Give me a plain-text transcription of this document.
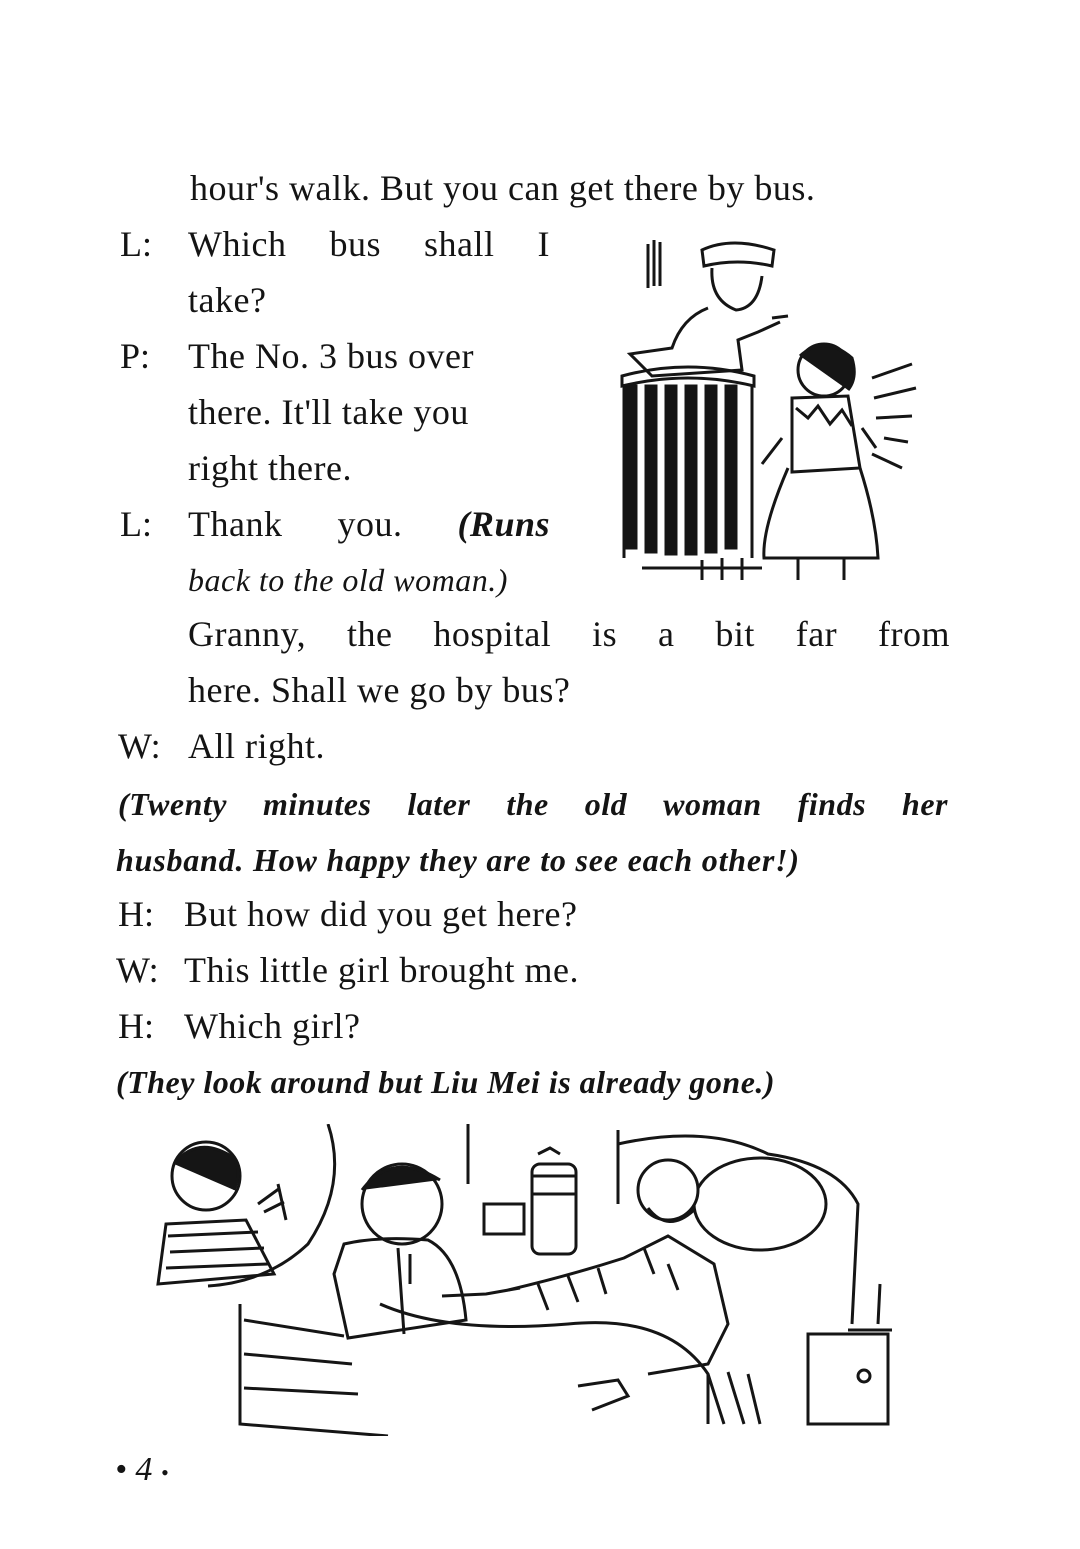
hour's walk. But you can get there by bus.
L: Which bus shall I
take?
P: The No. 3 bus over
there. It'll take you
right there.
L: Thank you. (Runs
back to the old woman.)
Granny, the hospital is a bit far from
here. Shall we go by bus?
W: All right.
(Twenty minutes later the old woman finds her
husband. How happy they are to see each other!)
H: But how did you get here?
W: This little girl brought me.
H: Which girl?
(They look around but Liu Mei is already gone.)
• 4 •
